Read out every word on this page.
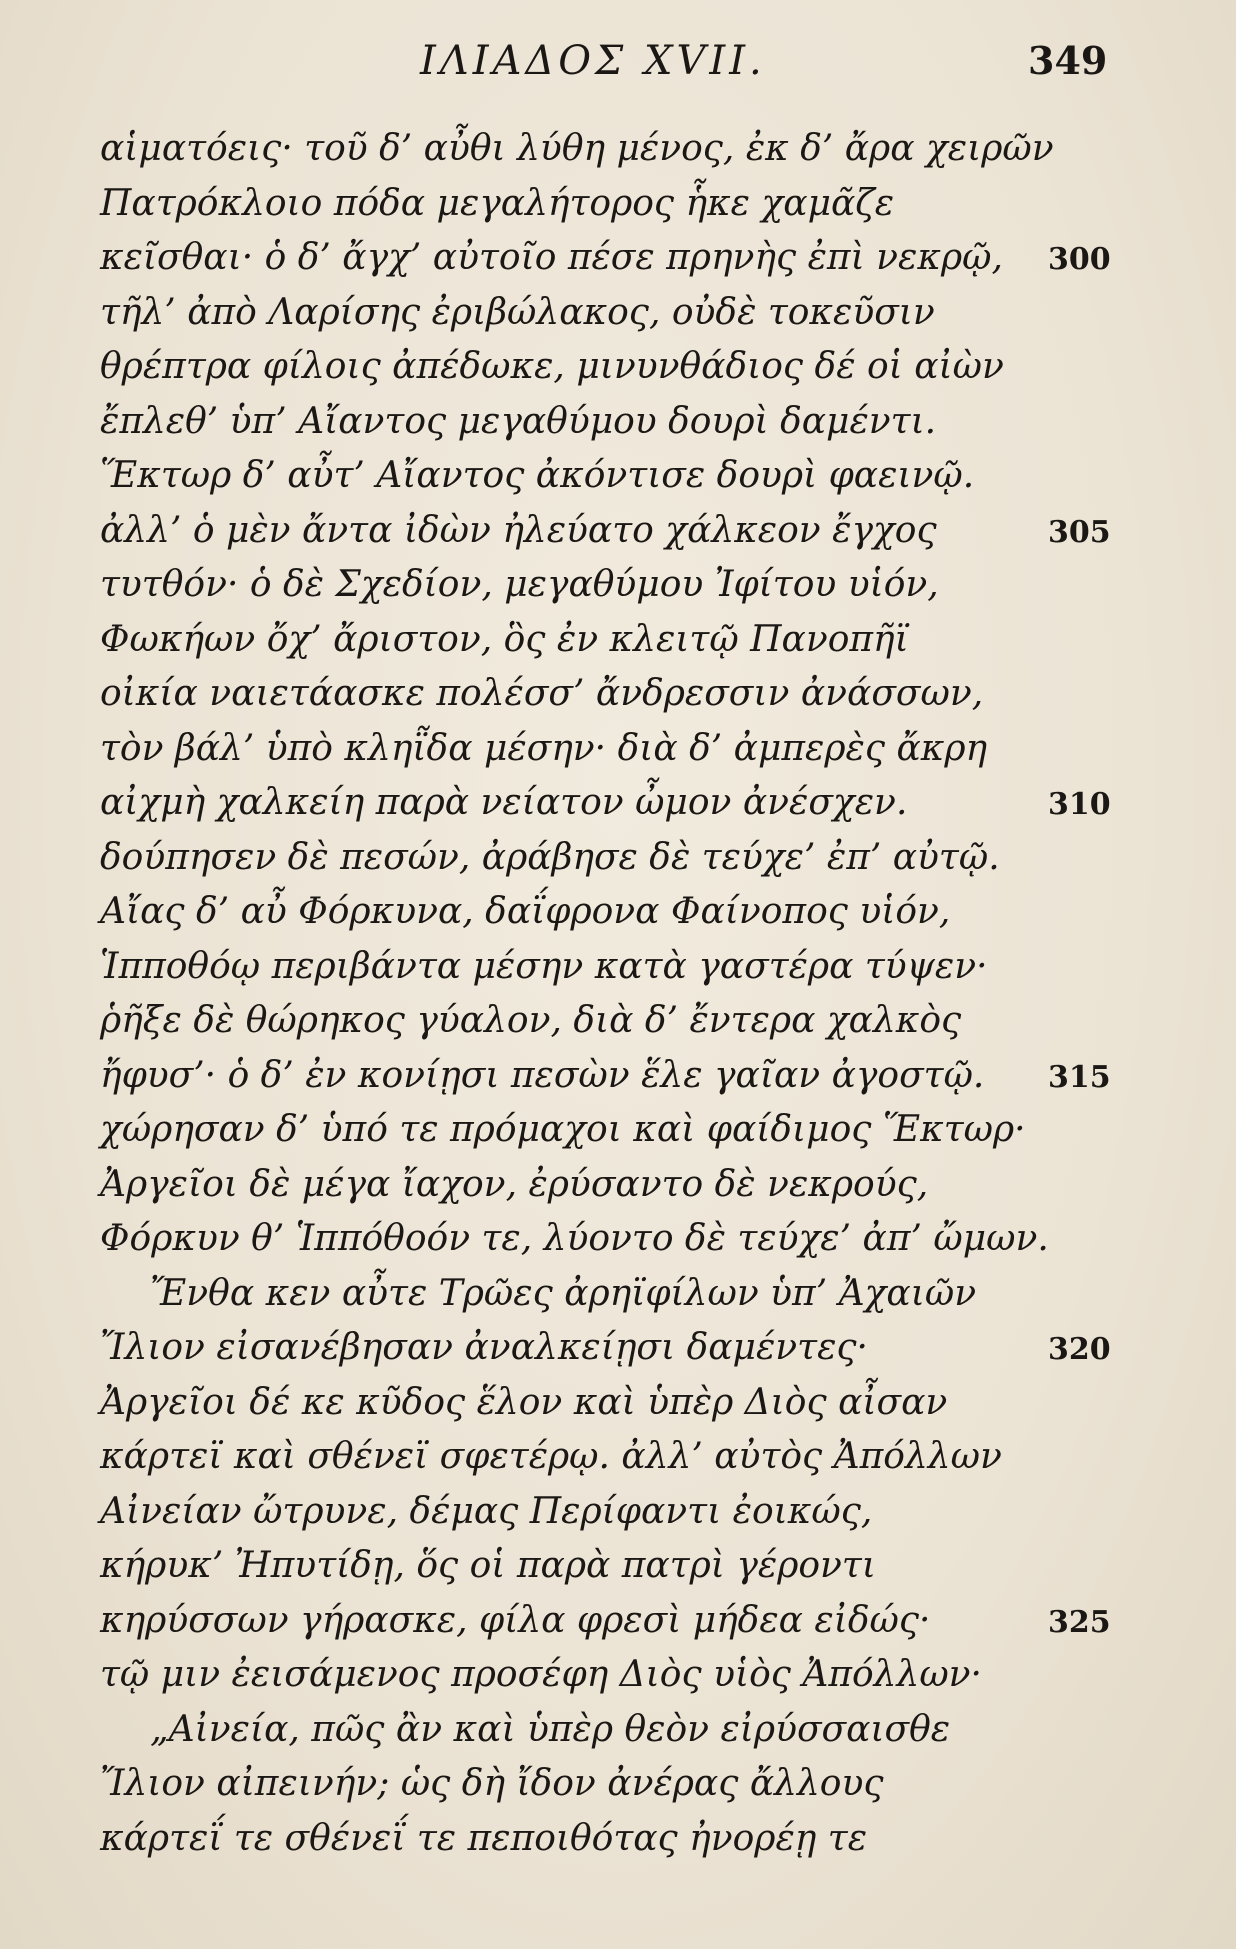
ΙΛΙΑΔΟΣ XVII.	349
αἱματόεις· τοῦ δ’ αὖθι λύθη μένος, ἐκ δ’ ἄρα χειρῶν
Πατρόκλοιο πόδα μεγαλήτορος ἧκε χαμᾶζε
κεῖσθαι· ὁ δ’ ἄγχ’ αὐτοῖο πέσε πρηνὴς ἐπὶ νεκρῷ, 300
τῆλ’ ἀπὸ Λαρίσης ἐριβώλακος, οὐδὲ τοκεῦσιν
θρέπτρα φίλοις ἀπέδωκε, μινυνθάδιος δέ οἱ αἰὼν
ἔπλεθ’ ὑπ’ Αἴαντος μεγαθύμου δουρὶ δαμέντι.
Ἕκτωρ δ’ αὖτ’ Αἴαντος ἀκόντισε δουρὶ φαεινῷ.
ἀλλ’ ὁ μὲν ἄντα ἰδὼν ἠλεύατο χάλκεον ἔγχος	305
τυτθόν· ὁ δὲ Σχεδίον, μεγαθύμου Ἰφίτου υἱόν,
Φωκήων ὄχ’ ἄριστον, ὃς ἐν κλειτῷ Πανοπῆϊ
οἰκία ναιετάασκε πολέσσ’ ἄνδρεσσιν ἀνάσσων,
τὸν βάλ’ ὑπὸ κληῗδα μέσην· διὰ δ’ ἀμπερὲς ἄκρη
αἰχμὴ χαλκείη παρὰ νείατον ὦμον ἀνέσχεν.	310
δούπησεν δὲ πεσών, ἀράβησε δὲ τεύχε’ ἐπ’ αὐτῷ.
Αἴας δ’ αὖ Φόρκυνα, δαΐφρονα Φαίνοπος υἱόν,
Ἱπποθόῳ περιβάντα μέσην κατὰ γαστέρα τύψεν·
ῥῆξε δὲ θώρηκος γύαλον, διὰ δ’ ἔντερα χαλκὸς
ἤφυσ’· ὁ δ’ ἐν κονίῃσι πεσὼν ἕλε γαῖαν ἀγοστῷ. 315
χώρησαν δ’ ὑπό τε πρόμαχοι καὶ φαίδιμος Ἕκτωρ·
Ἀργεῖοι δὲ μέγα ἴαχον, ἐρύσαντο δὲ νεκρούς,
Φόρκυν θ’ Ἱππόθοόν τε, λύοντο δὲ τεύχε’ ἀπ’ ὤμων.
Ἔνθα κεν αὖτε Τρῶες ἀρηϊφίλων ὑπ’ Ἀχαιῶν
Ἴλιον εἰσανέβησαν ἀναλκείῃσι δαμέντες·	320
Ἀργεῖοι δέ κε κῦδος ἕλον καὶ ὑπὲρ Διὸς αἶσαν
κάρτεϊ καὶ σθένεϊ σφετέρῳ. ἀλλ’ αὐτὸς Ἀπόλλων
Αἰνείαν ὤτρυνε, δέμας Περίφαντι ἐοικώς,
κήρυκ’ Ἠπυτίδῃ, ὅς οἱ παρὰ πατρὶ γέροντι
κηρύσσων γήρασκε, φίλα φρεσὶ μήδεα εἰδώς·	325
τῷ μιν ἐεισάμενος προσέφη Διὸς υἱὸς Ἀπόλλων·
„Αἰνεία, πῶς ἂν καὶ ὑπὲρ θεὸν εἰρύσσαισθε
Ἴλιον αἰπεινήν; ὡς δὴ ἴδον ἀνέρας ἄλλους
κάρτεΐ τε σθένεΐ τε πεποιθότας ἠνορέῃ τε
